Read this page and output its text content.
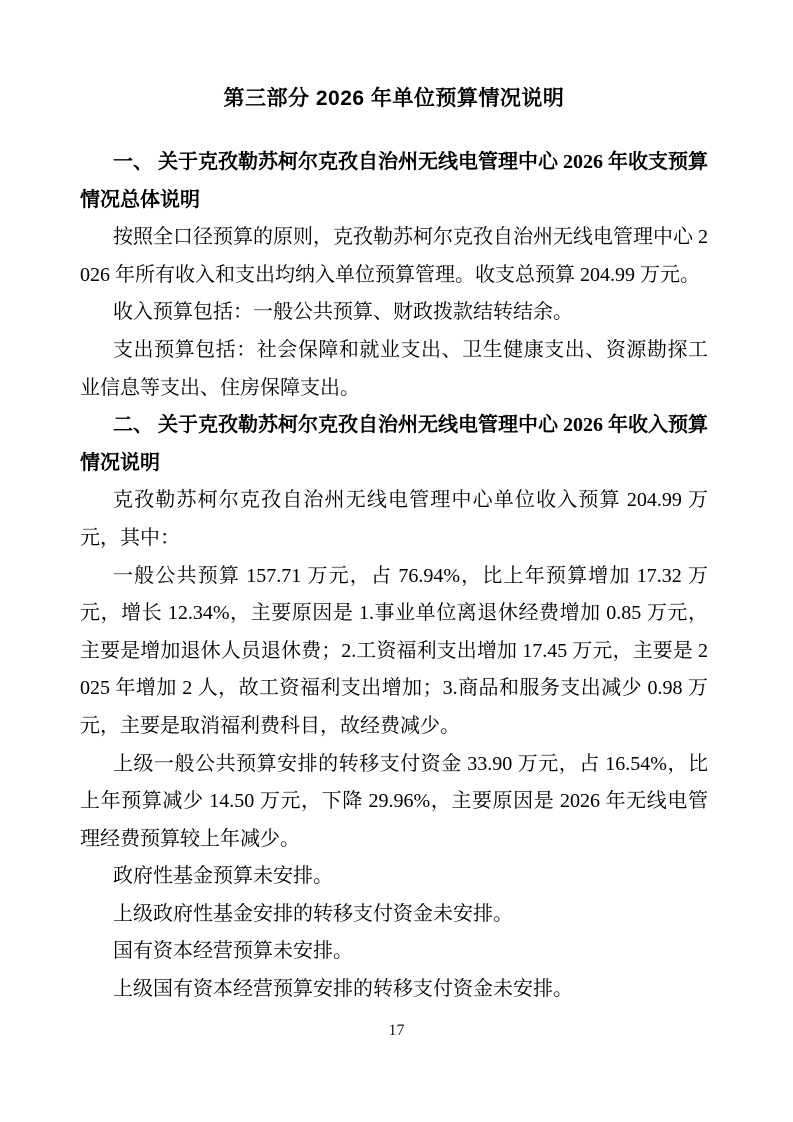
第三部分 2026 年单位预算情况说明

一、 关于克孜勒苏柯尔克孜自治州无线电管理中心 2026 年收支预算情况总体说明

按照全口径预算的原则，克孜勒苏柯尔克孜自治州无线电管理中心 2026 年所有收入和支出均纳入单位预算管理。收支总预算 204.99 万元。

收入预算包括：一般公共预算、财政拨款结转结余。

支出预算包括：社会保障和就业支出、卫生健康支出、资源勘探工业信息等支出、住房保障支出。

二、 关于克孜勒苏柯尔克孜自治州无线电管理中心 2026 年收入预算情况说明

克孜勒苏柯尔克孜自治州无线电管理中心单位收入预算 204.99 万元，其中：

一般公共预算 157.71 万元，占 76.94%，比上年预算增加 17.32 万元，增长 12.34%，主要原因是 1.事业单位离退休经费增加 0.85 万元，主要是增加退休人员退休费；2.工资福利支出增加 17.45 万元，主要是 2025 年增加 2 人，故工资福利支出增加；3.商品和服务支出减少 0.98 万元，主要是取消福利费科目，故经费减少。

上级一般公共预算安排的转移支付资金 33.90 万元，占 16.54%，比上年预算减少 14.50 万元，下降 29.96%，主要原因是 2026 年无线电管理经费预算较上年减少。

政府性基金预算未安排。

上级政府性基金安排的转移支付资金未安排。

国有资本经营预算未安排。

上级国有资本经营预算安排的转移支付资金未安排。

17
